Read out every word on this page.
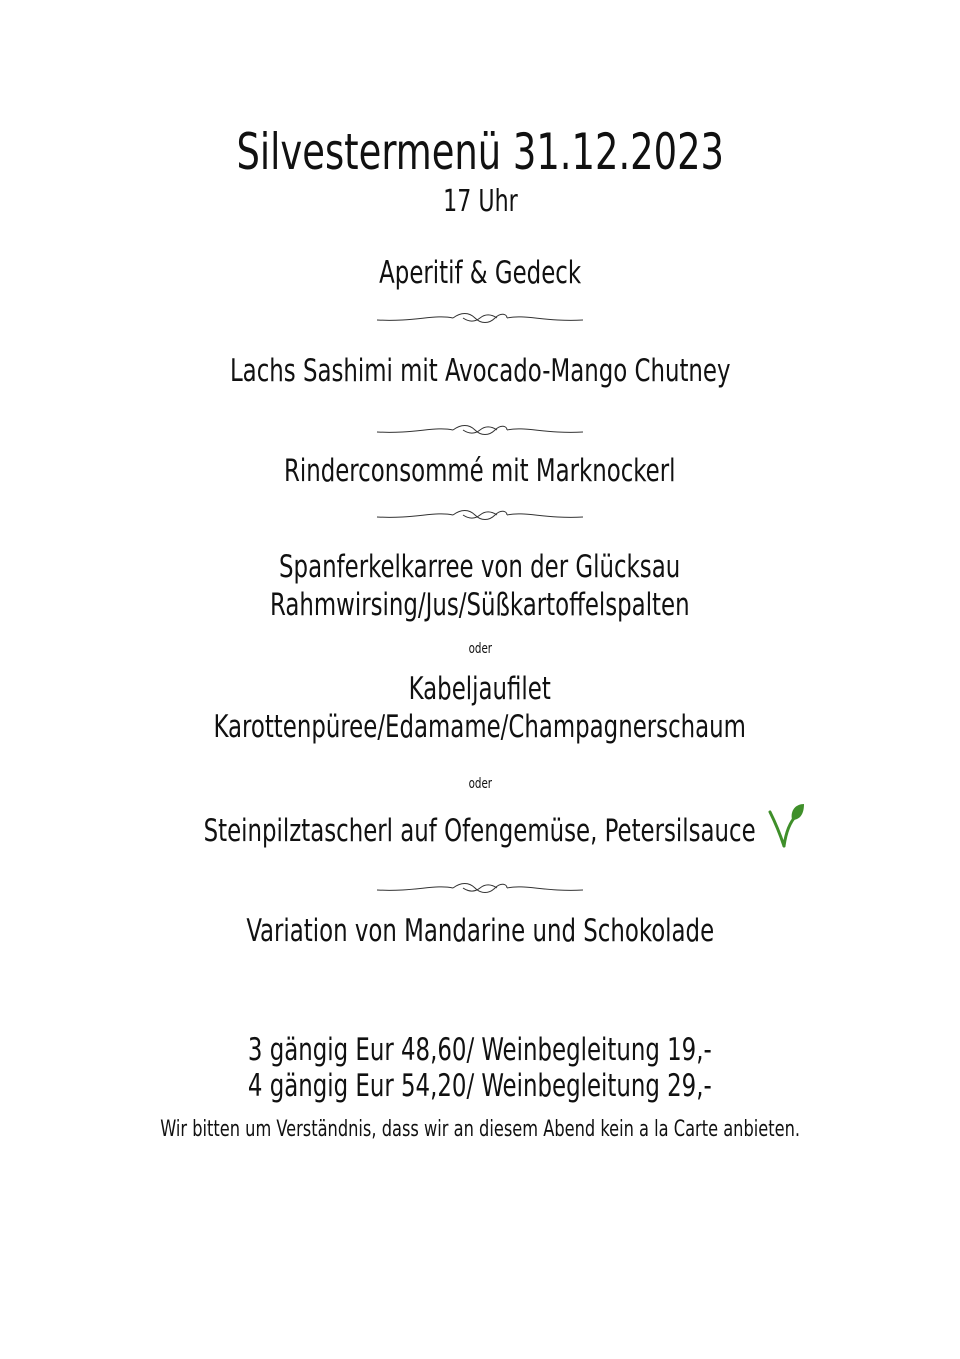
Silvestermenü 31.12.2023
17 Uhr
Aperitif & Gedeck
Lachs Sashimi mit Avocado-Mango Chutney
Rinderconsommé mit Marknockerl
Spanferkelkarree von der Glücksau
Rahmwirsing/Jus/Süßkartoffelspalten
oder
Kabeljaufilet
Karottenpüree/Edamame/Champagnerschaum
oder
Steinpilztascherl auf Ofengemüse, Petersilsauce
Variation von Mandarine und Schokolade
3 gängig Eur 48,60/ Weinbegleitung 19,-
4 gängig Eur 54,20/ Weinbegleitung 29,-
Wir bitten um Verständnis, dass wir an diesem Abend kein a la Carte anbieten.
